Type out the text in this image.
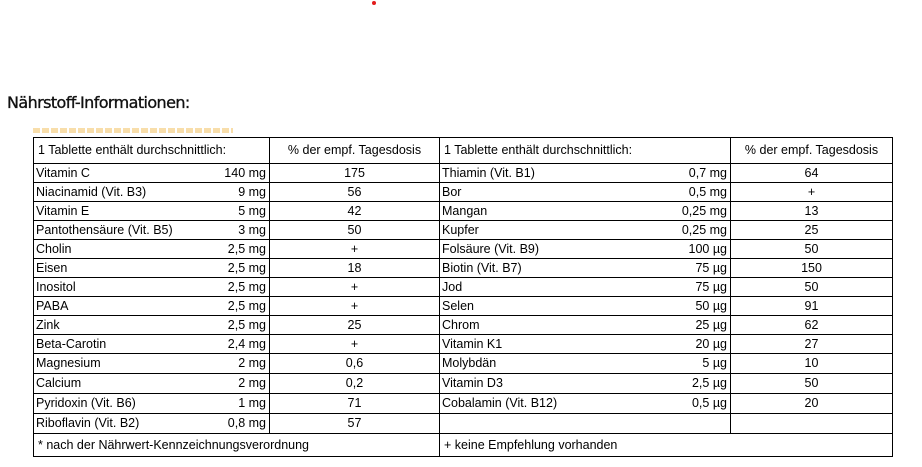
Nährstoff-Informationen:
1 Tablette enthält durchschnittlich:		% der empf. Tagesdosis	1 Tablette enthält durchschnittlich:		% der empf. Tagesdosis
Vitamin C	140 mg	175	Thiamin (Vit. B1)	0,7 mg	64
Niacinamid (Vit. B3)	9 mg	56	Bor	0,5 mg	+
Vitamin E	5 mg	42	Mangan	0,25 mg	13
Pantothensäure (Vit. B5)	3 mg	50	Kupfer	0,25 mg	25
Cholin	2,5 mg	+	Folsäure (Vit. B9)	100 µg	50
Eisen	2,5 mg	18	Biotin (Vit. B7)	75 µg	150
Inositol	2,5 mg	+	Jod	75 µg	50
PABA	2,5 mg	+	Selen	50 µg	91
Zink	2,5 mg	25	Chrom	25 µg	62
Beta-Carotin	2,4 mg	+	Vitamin K1	20 µg	27
Magnesium	2 mg	0,6	Molybdän	5 µg	10
Calcium	2 mg	0,2	Vitamin D3	2,5 µg	50
Pyridoxin (Vit. B6)	1 mg	71	Cobalamin (Vit. B12)	0,5 µg	20
Riboflavin (Vit. B2)	0,8 mg	57			
* nach der Nährwert-Kennzeichnungsverordnung			+ keine Empfehlung vorhanden		
